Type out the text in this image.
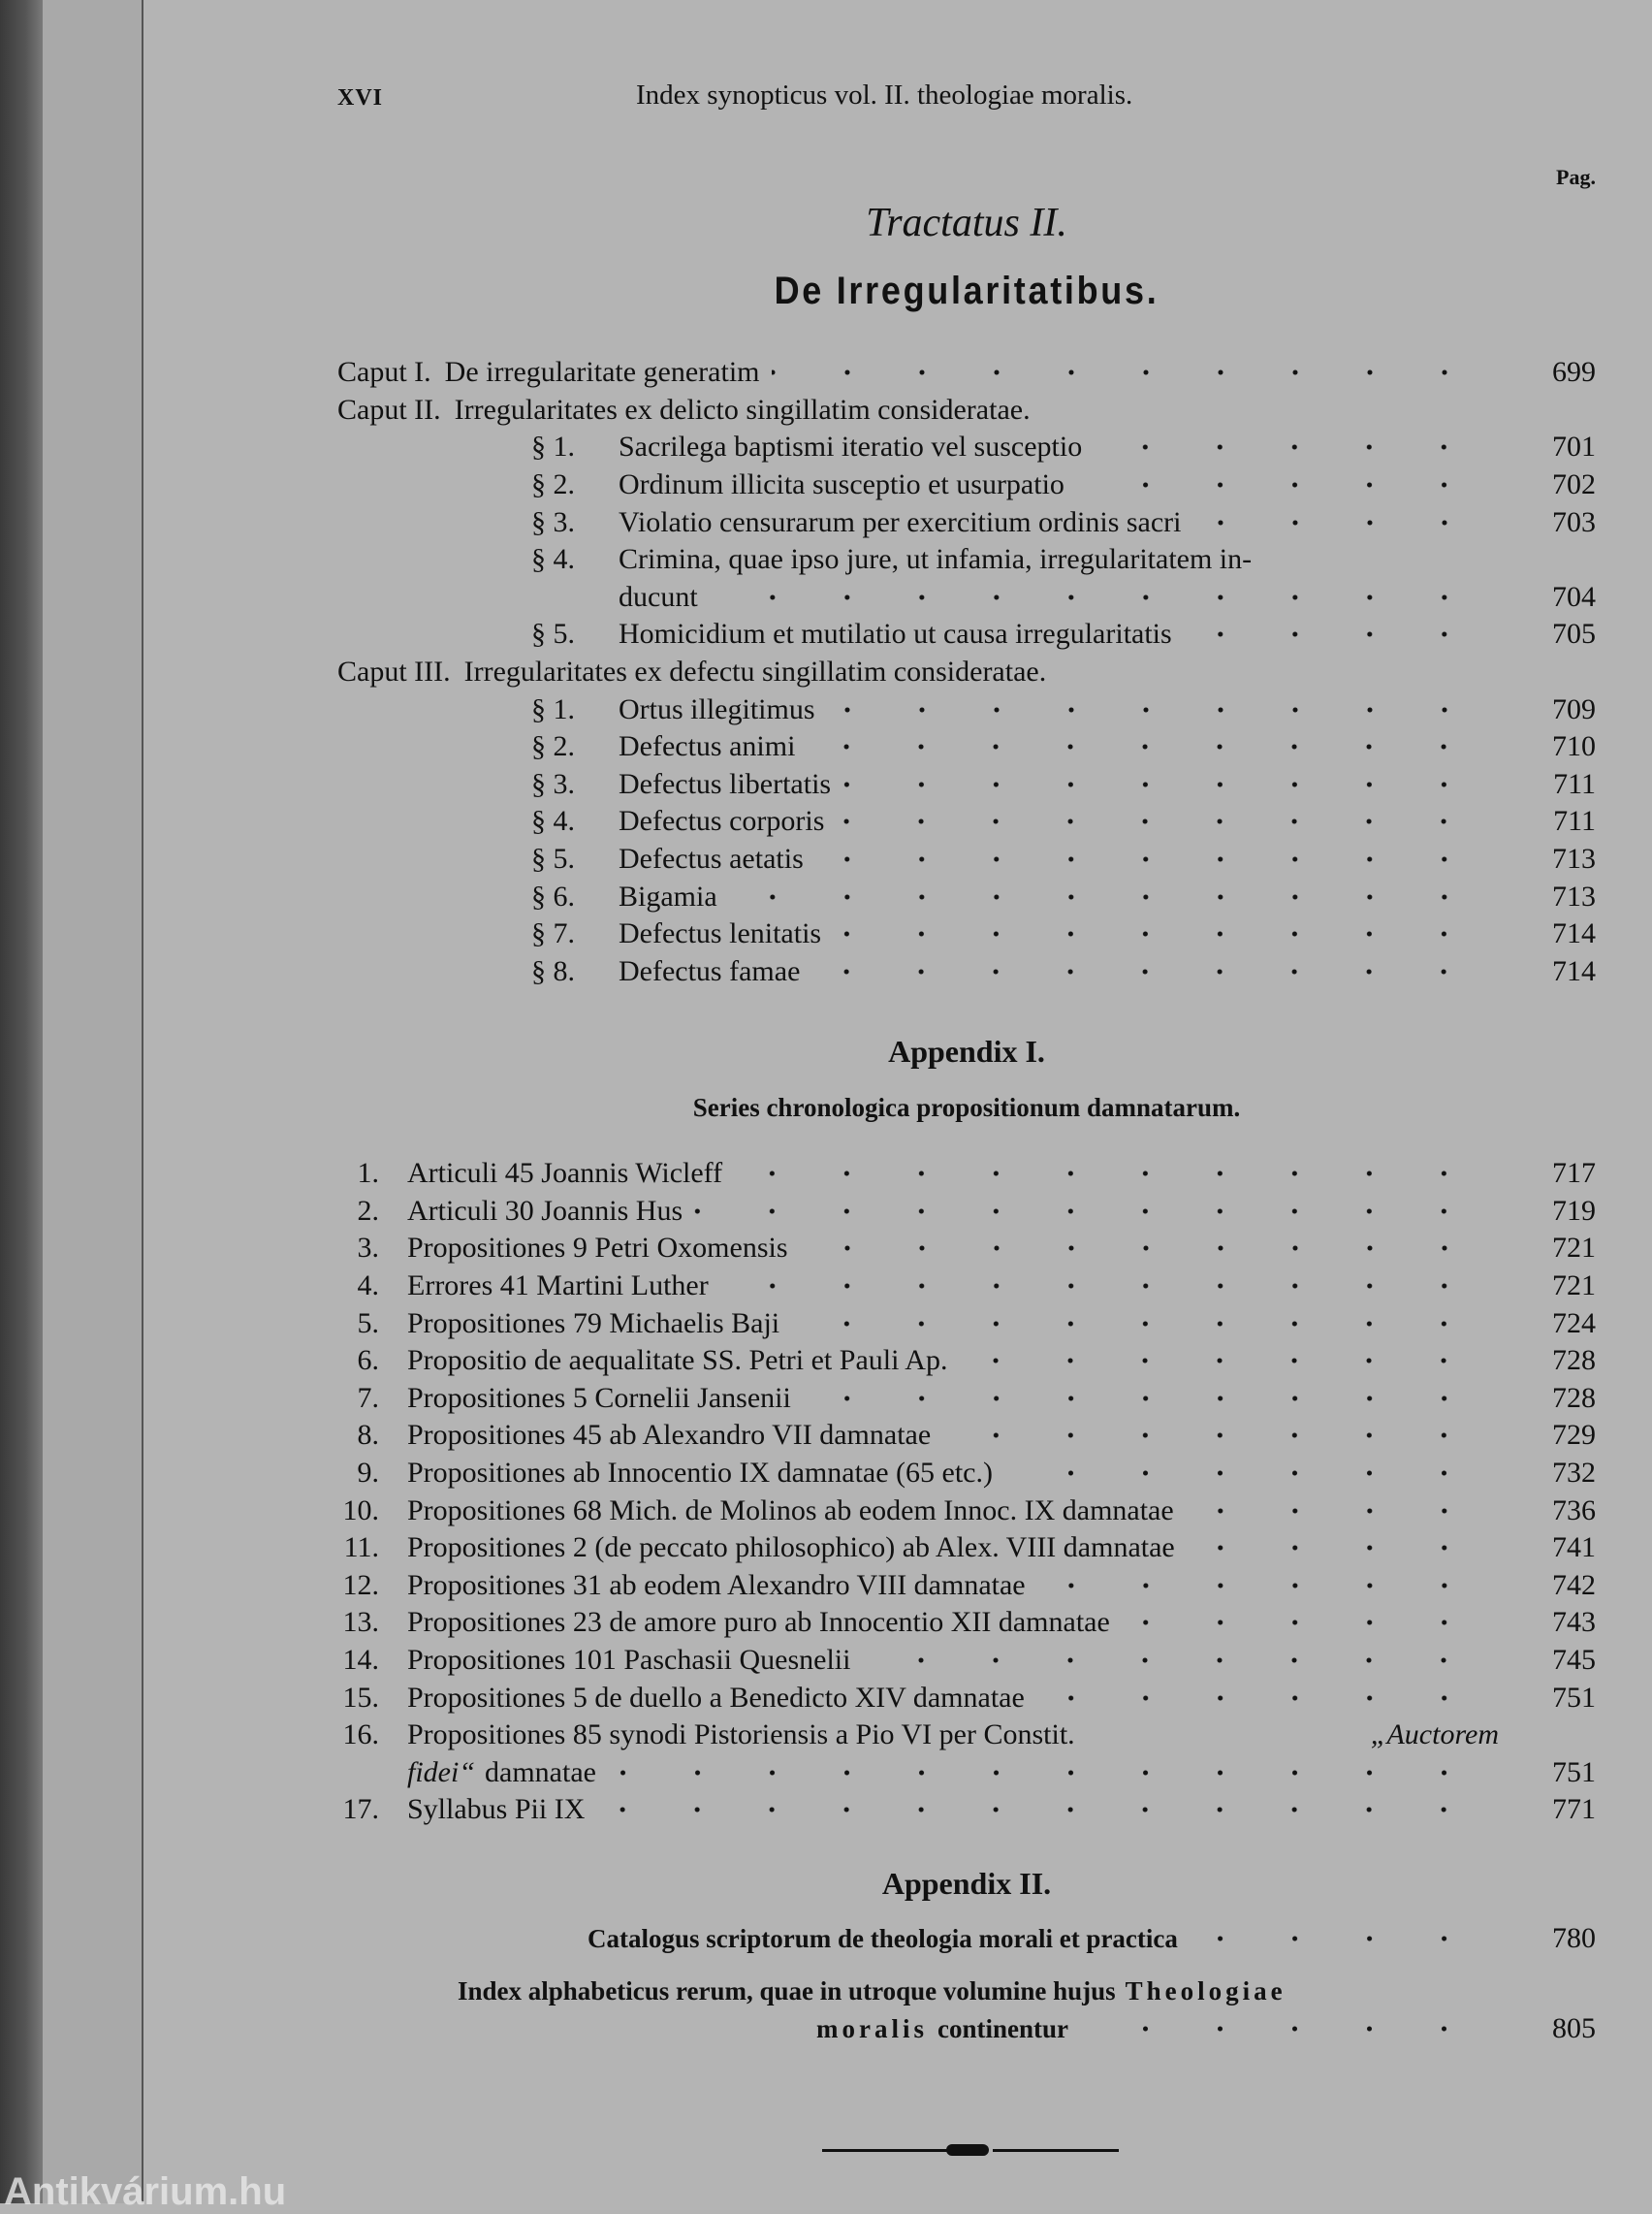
XVI	Index synopticus vol. II. theologiae moralis.
Pag.
Tractatus II.
De Irregularitatibus.
Caput I. De irregularitate generatim	699
Caput II. Irregularitates ex delicto singillatim consideratae.
§ 1.	Sacrilega baptismi iteratio vel susceptio	701
§ 2.	Ordinum illicita susceptio et usurpatio	702
§ 3.	Violatio censurarum per exercitium ordinis sacri	703
§ 4.	Crimina, quae ipso jure, ut infamia, irregularitatem in-
ducunt	704
§ 5.	Homicidium et mutilatio ut causa irregularitatis	705
Caput III. Irregularitates ex defectu singillatim consideratae.
§ 1.	Ortus illegitimus	709
§ 2.	Defectus animi	710
§ 3.	Defectus libertatis	711
§ 4.	Defectus corporis	711
§ 5.	Defectus aetatis	713
§ 6.	Bigamia	713
§ 7.	Defectus lenitatis	714
§ 8.	Defectus famae	714
Appendix I.
Series chronologica propositionum damnatarum.
1. Articuli 45 Joannis Wicleff	717
2. Articuli 30 Joannis Hus	719
3. Propositiones 9 Petri Oxomensis	721
4. Errores 41 Martini Luther	721
5. Propositiones 79 Michaelis Baji	724
6. Propositio de aequalitate SS. Petri et Pauli Ap.	728
7. Propositiones 5 Cornelii Jansenii	728
8. Propositiones 45 ab Alexandro VII damnatae	729
9. Propositiones ab Innocentio IX damnatae (65 etc.)	732
10. Propositiones 68 Mich. de Molinos ab eodem Innoc. IX damnatae	736
11. Propositiones 2 (de peccato philosophico) ab Alex. VIII damnatae	741
12. Propositiones 31 ab eodem Alexandro VIII damnatae	742
13. Propositiones 23 de amore puro ab Innocentio XII damnatae	743
14. Propositiones 101 Paschasii Quesnelii	745
15. Propositiones 5 de duello a Benedicto XIV damnatae	751
16. Propositiones 85 synodi Pistoriensis a Pio VI per Constit.	„Auctorem
fidei“ damnatae	751
17. Syllabus Pii IX	771
Appendix II.
Catalogus scriptorum de theologia morali et practica	780
Index alphabeticus rerum, quae in utroque volumine hujus Theologiae
moralis continentur	805
Antikvárium.hu
